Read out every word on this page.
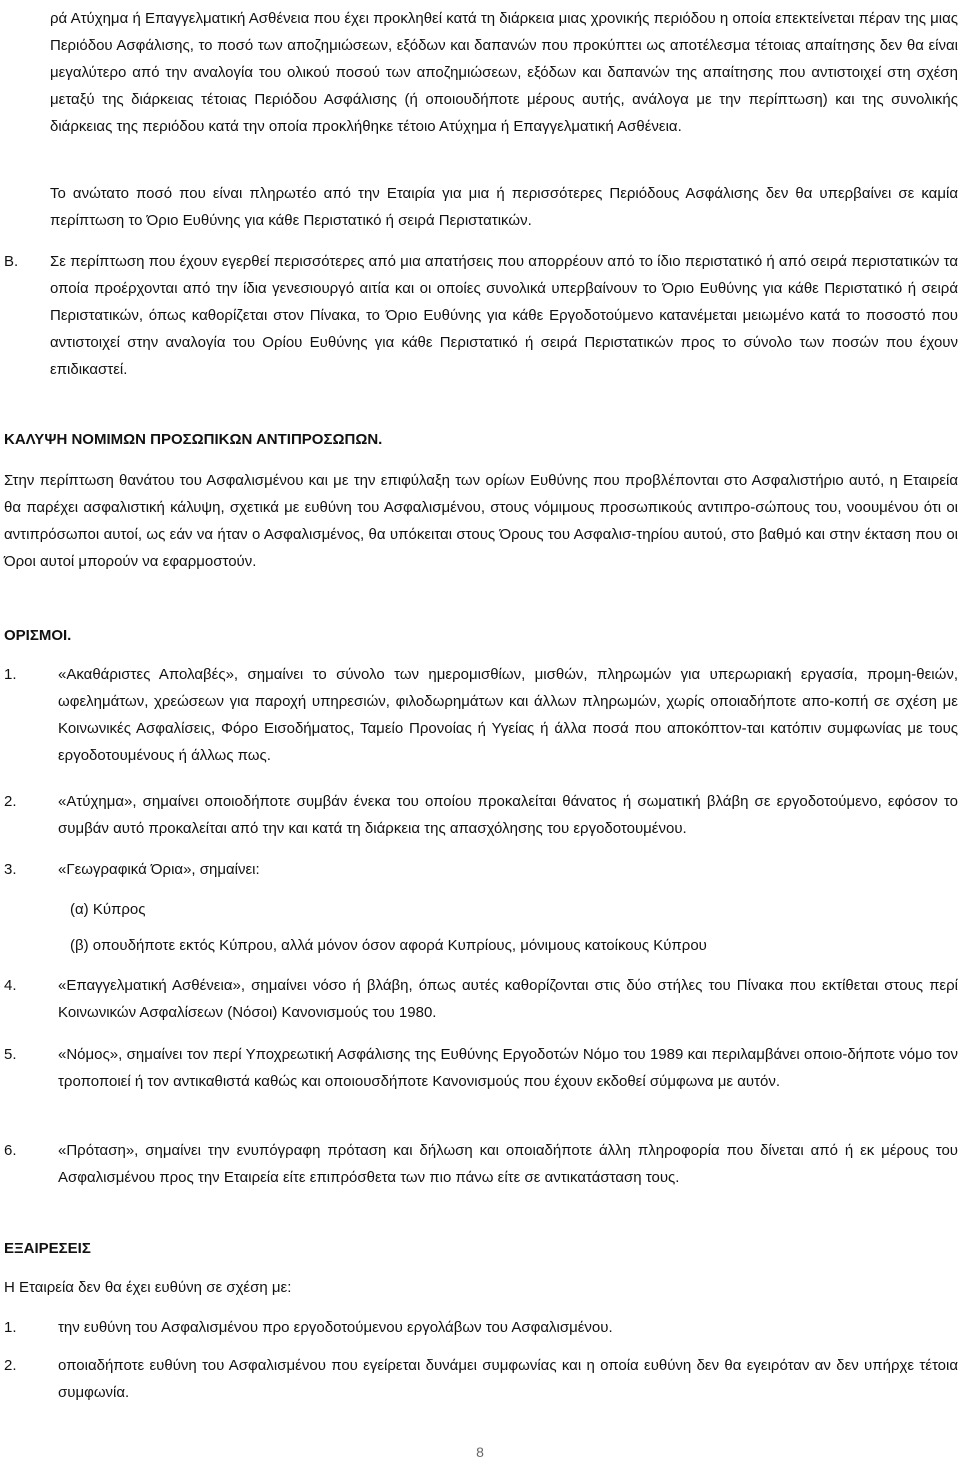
ρά Ατύχημα ή Επαγγελματική Ασθένεια που έχει προκληθεί κατά τη διάρκεια μιας χρονικής περιόδου η οποία επεκτείνεται πέραν της μιας Περιόδου Ασφάλισης, το ποσό των αποζημιώσεων, εξόδων και δαπανών που προκύπτει ως αποτέλεσμα τέτοιας απαίτησης δεν θα είναι μεγαλύτερο από την αναλογία του ολικού ποσού των αποζημιώσεων, εξόδων και δαπανών της απαίτησης που αντιστοιχεί στη σχέση μεταξύ της διάρκειας τέτοιας Περιόδου Ασφάλισης (ή οποιουδήποτε μέρους αυτής, ανάλογα με την περίπτωση) και της συνολικής διάρκειας της περιόδου κατά την οποία προκλήθηκε τέτοιο Ατύχημα ή Επαγγελματική Ασθένεια.
Το ανώτατο ποσό που είναι πληρωτέο από την Εταιρία για μια ή περισσότερες Περιόδους Ασφάλισης δεν θα υπερβαίνει σε καμία περίπτωση το Όριο Ευθύνης για κάθε Περιστατικό ή σειρά Περιστατικών.
Β. Σε περίπτωση που έχουν εγερθεί περισσότερες από μια απατήσεις που απορρέουν από το ίδιο περιστατικό ή από σειρά περιστατικών τα οποία προέρχονται από την ίδια γενεσιουργό αιτία και οι οποίες συνολικά υπερβαίνουν το Όριο Ευθύνης για κάθε Περιστατικό ή σειρά Περιστατικών, όπως καθορίζεται στον Πίνακα, το Όριο Ευθύνης για κάθε Εργοδοτούμενο κατανέμεται μειωμένο κατά το ποσοστό που αντιστοιχεί στην αναλογία του Ορίου Ευθύνης για κάθε Περιστατικό ή σειρά Περιστατικών προς το σύνολο των ποσών που έχουν επιδικαστεί.
ΚΑΛΥΨΗ ΝΟΜΙΜΩΝ ΠΡΟΣΩΠΙΚΩΝ ΑΝΤΙΠΡΟΣΩΠΩΝ.
Στην περίπτωση θανάτου του Ασφαλισμένου και με την επιφύλαξη των ορίων Ευθύνης που προβλέπονται στο Ασφαλιστήριο αυτό, η Εταιρεία θα παρέχει ασφαλιστική κάλυψη, σχετικά με ευθύνη του Ασφαλισμένου, στους νόμιμους προσωπικούς αντιπρο-σώπους του, νοουμένου ότι οι αντιπρόσωποι αυτοί, ως εάν να ήταν ο Ασφαλισμένος, θα υπόκειται στους Όρους του Ασφαλισ-τηρίου αυτού, στο βαθμό και στην έκταση που οι Όροι αυτοί μπορούν να εφαρμοστούν.
ΟΡΙΣΜΟΙ.
1.	«Ακαθάριστες Απολαβές», σημαίνει το σύνολο των ημερομισθίων, μισθών, πληρωμών για υπερωριακή εργασία, προμη-θειών, ωφελημάτων, χρεώσεων για παροχή υπηρεσιών, φιλοδωρημάτων και άλλων πληρωμών, χωρίς οποιαδήποτε απο-κοπή σε σχέση με Κοινωνικές Ασφαλίσεις, Φόρο Εισοδήματος, Ταμείο Προνοίας ή Υγείας ή άλλα ποσά που αποκόπτον-ται κατόπιν συμφωνίας με τους εργοδοτουμένους ή άλλως πως.
2.	«Ατύχημα», σημαίνει οποιοδήποτε συμβάν ένεκα του οποίου προκαλείται θάνατος ή σωματική βλάβη σε εργοδοτούμενο, εφόσον το συμβάν αυτό προκαλείται από την και κατά τη διάρκεια της απασχόλησης του εργοδοτουμένου.
3.	«Γεωγραφικά Όρια», σημαίνει:
(α) Κύπρος
(β) οπουδήποτε εκτός Κύπρου, αλλά μόνον όσον αφορά Κυπρίους, μόνιμους κατοίκους Κύπρου
4.	«Επαγγελματική Ασθένεια», σημαίνει νόσο ή βλάβη, όπως αυτές καθορίζονται στις δύο στήλες του Πίνακα που εκτίθεται στους περί Κοινωνικών Ασφαλίσεων (Νόσοι) Κανονισμούς του 1980.
5.	«Νόμος», σημαίνει τον περί Υποχρεωτική Ασφάλισης της Ευθύνης Εργοδοτών Νόμο του 1989 και περιλαμβάνει οποιο-δήποτε νόμο τον τροποποιεί ή τον αντικαθιστά καθώς και οποιουσδήποτε Κανονισμούς που έχουν εκδοθεί σύμφωνα με αυτόν.
6.	«Πρόταση», σημαίνει την ενυπόγραφη πρόταση και δήλωση και οποιαδήποτε άλλη πληροφορία που δίνεται από ή εκ μέρους του Ασφαλισμένου προς την Εταιρεία είτε επιπρόσθετα των πιο πάνω είτε σε αντικατάσταση τους.
ΕΞΑΙΡΕΣΕΙΣ
Η Εταιρεία δεν θα έχει ευθύνη σε σχέση με:
1.	την ευθύνη του Ασφαλισμένου προ εργοδοτούμενου εργολάβων του Ασφαλισμένου.
2.	οποιαδήποτε ευθύνη του Ασφαλισμένου που εγείρεται δυνάμει συμφωνίας και η οποία ευθύνη δεν θα εγειρόταν αν δεν υπήρχε τέτοια συμφωνία.
8
